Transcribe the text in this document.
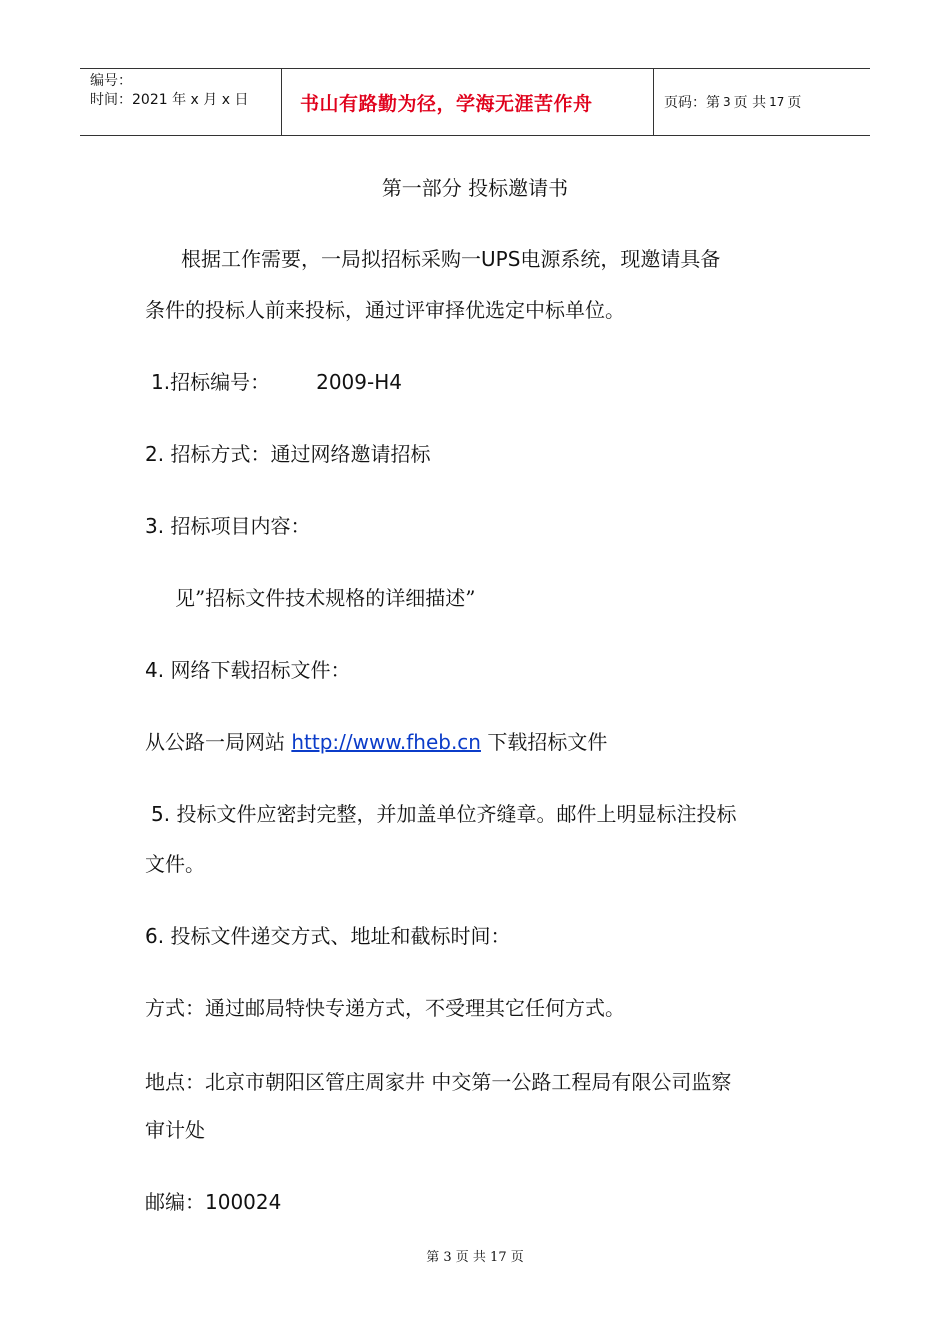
编号：
时间：2021 年 x 月 x 日	书山有路勤为径，学海无涯苦作舟	页码：第 3 页 共 17 页
第一部分 投标邀请书
根据工作需要，一局拟招标采购一UPS电源系统，现邀请具备
条件的投标人前来投标，通过评审择优选定中标单位。
1.招标编号： 2009-H4
2. 招标方式：通过网络邀请招标
3. 招标项目内容：
见”招标文件技术规格的详细描述”
4. 网络下载招标文件：
从公路一局网站 http://www.fheb.cn 下载招标文件
5. 投标文件应密封完整，并加盖单位齐缝章。邮件上明显标注投标
文件。
6. 投标文件递交方式、地址和截标时间：
方式：通过邮局特快专递方式，不受理其它任何方式。
地点：北京市朝阳区管庄周家井 中交第一公路工程局有限公司监察
审计处
邮编：100024
第 3 页 共 17 页
